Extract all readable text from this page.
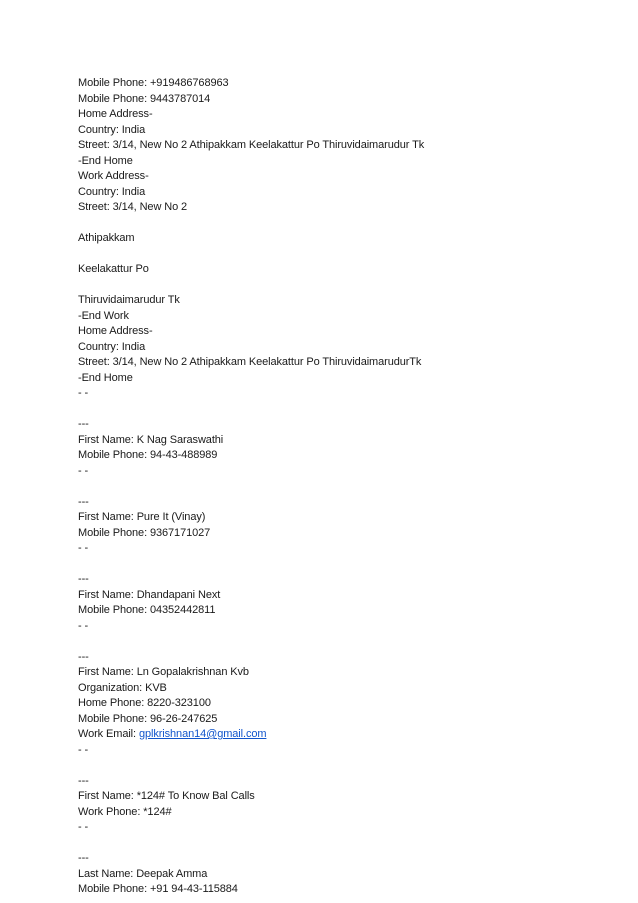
Mobile Phone: +919486768963
Mobile Phone: 9443787014
Home Address-
Country: India
Street: 3/14, New No 2 Athipakkam Keelakattur Po Thiruvidaimarudur Tk
-End Home
Work Address-
Country: India
Street: 3/14, New No 2
Athipakkam
Keelakattur Po
Thiruvidaimarudur Tk
-End Work
Home Address-
Country: India
Street: 3/14, New No 2 Athipakkam Keelakattur Po ThiruvidaimarudurTk
-End Home
- -
---
First Name: K Nag Saraswathi
Mobile Phone: 94-43-488989
- -
---
First Name: Pure It (Vinay)
Mobile Phone: 9367171027
- -
---
First Name: Dhandapani Next
Mobile Phone: 04352442811
- -
---
First Name: Ln Gopalakrishnan Kvb
Organization: KVB
Home Phone: 8220-323100
Mobile Phone: 96-26-247625
Work Email: gplkrishnan14@gmail.com
- -
---
First Name: *124# To Know Bal Calls
Work Phone: *124#
- -
---
Last Name: Deepak Amma
Mobile Phone: +91 94-43-115884
